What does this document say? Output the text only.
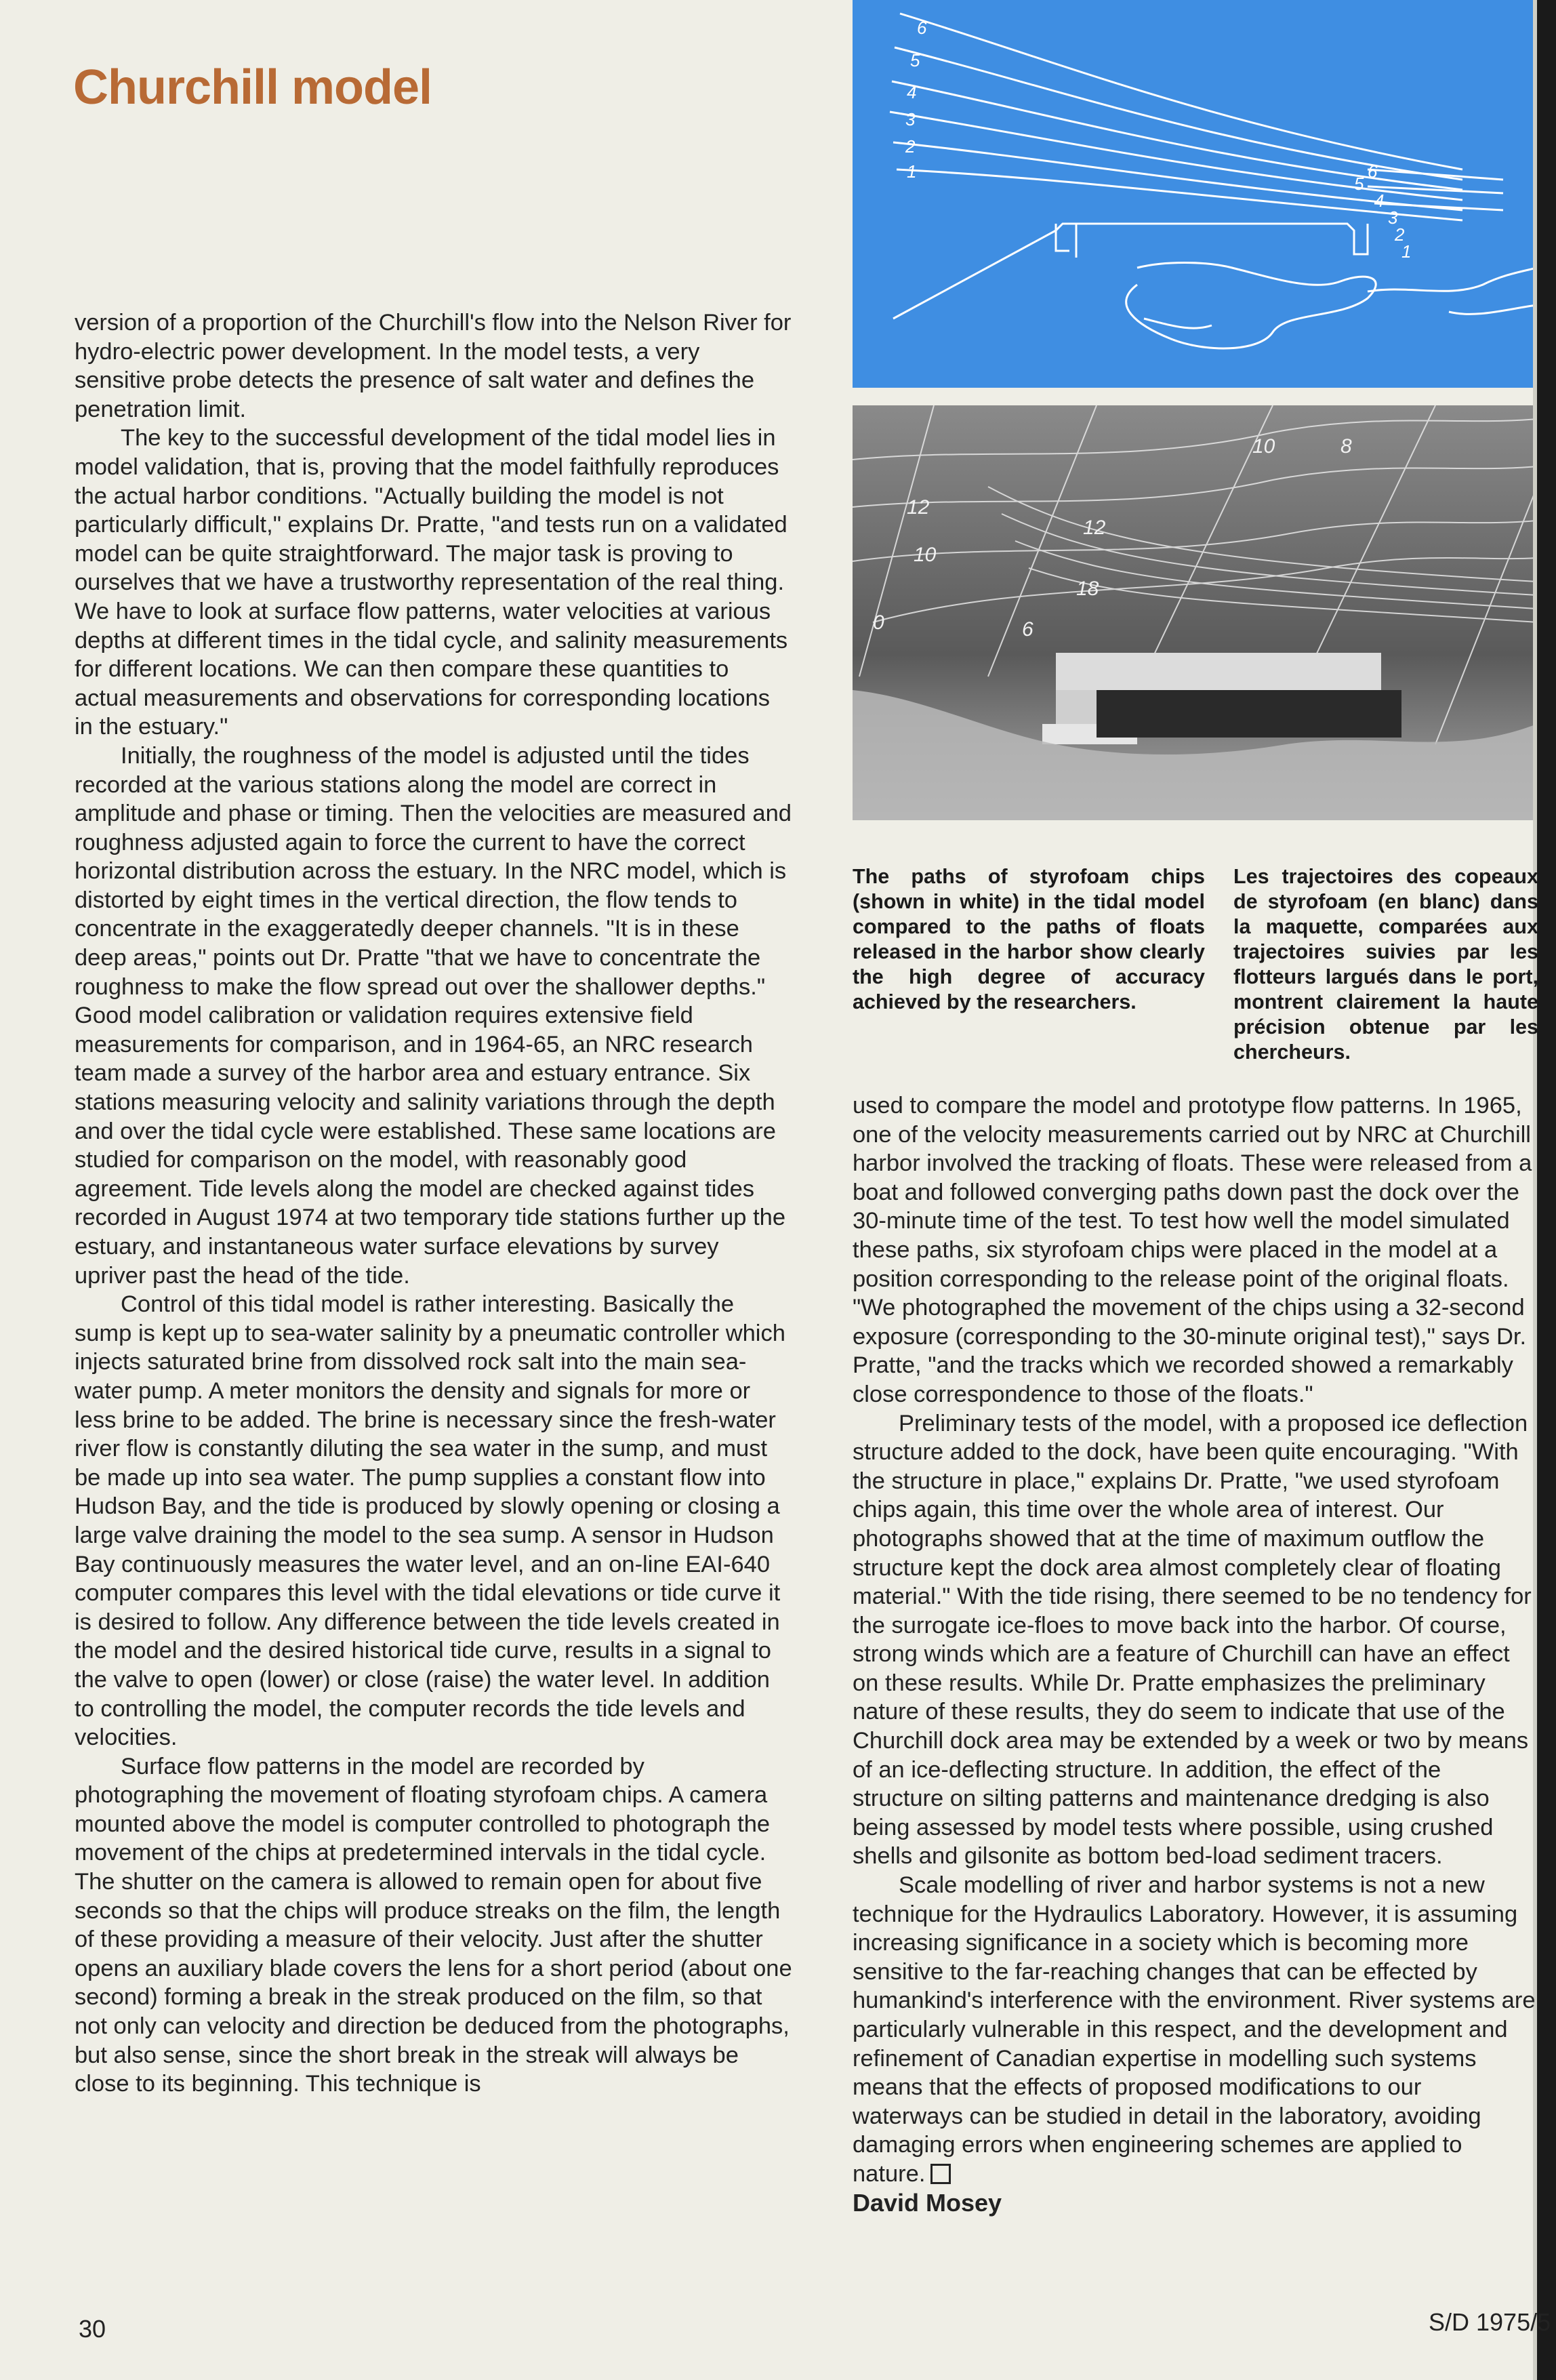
Churchill model

version of a proportion of the Churchill's flow into the Nelson River for hydro-electric power development. In the model tests, a very sensitive probe detects the presence of salt water and defines the penetration limit.

The key to the successful development of the tidal model lies in model validation, that is, proving that the model faithfully reproduces the actual harbor conditions. "Actually building the model is not particularly difficult," explains Dr. Pratte, "and tests run on a validated model can be quite straightforward. The major task is proving to ourselves that we have a trustworthy representation of the real thing. We have to look at surface flow patterns, water velocities at various depths at different times in the tidal cycle, and salinity measurements for different locations. We can then compare these quantities to actual measurements and observations for corresponding locations in the estuary."

Initially, the roughness of the model is adjusted until the tides recorded at the various stations along the model are correct in amplitude and phase or timing. Then the velocities are measured and roughness adjusted again to force the current to have the correct horizontal distribution across the estuary. In the NRC model, which is distorted by eight times in the vertical direction, the flow tends to concentrate in the exaggeratedly deeper channels. "It is in these deep areas," points out Dr. Pratte "that we have to concentrate the roughness to make the flow spread out over the shallower depths." Good model calibration or validation requires extensive field measurements for comparison, and in 1964-65, an NRC research team made a survey of the harbor area and estuary entrance. Six stations measuring velocity and salinity variations through the depth and over the tidal cycle were established. These same locations are studied for comparison on the model, with reasonably good agreement. Tide levels along the model are checked against tides recorded in August 1974 at two temporary tide stations further up the estuary, and instantaneous water surface elevations by survey upriver past the head of the tide.

Control of this tidal model is rather interesting. Basically the sump is kept up to sea-water salinity by a pneumatic controller which injects saturated brine from dissolved rock salt into the main sea-water pump. A meter monitors the density and signals for more or less brine to be added. The brine is necessary since the fresh-water river flow is constantly diluting the sea water in the sump, and must be made up into sea water. The pump supplies a constant flow into Hudson Bay, and the tide is produced by slowly opening or closing a large valve draining the model to the sea sump. A sensor in Hudson Bay continuously measures the water level, and an on-line EAI-640 computer compares this level with the tidal elevations or tide curve it is desired to follow. Any difference between the tide levels created in the model and the desired historical tide curve, results in a signal to the valve to open (lower) or close (raise) the water level. In addition to controlling the model, the computer records the tide levels and velocities.

Surface flow patterns in the model are recorded by photographing the movement of floating styrofoam chips. A camera mounted above the model is computer controlled to photograph the movement of the chips at predetermined intervals in the tidal cycle. The shutter on the camera is allowed to remain open for about five seconds so that the chips will produce streaks on the film, the length of these providing a measure of their velocity. Just after the shutter opens an auxiliary blade covers the lens for a short period (about one second) forming a break in the streak produced on the film, so that not only can velocity and direction be deduced from the photographs, but also sense, since the short break in the streak will always be close to its beginning. This technique is

6
5
4
3
2
1	6
5
4
3
2
1
8
10
12
10
12
18
6
0
The paths of styrofoam chips (shown in white) in the tidal model compared to the paths of floats released in the harbor show clearly the high degree of accuracy achieved by the researchers.
Les trajectoires des copeaux de styrofoam (en blanc) dans la maquette, comparées aux trajectoires suivies par les flotteurs largués dans le port, montrent clairement la haute précision obtenue par les chercheurs.

used to compare the model and prototype flow patterns. In 1965, one of the velocity measurements carried out by NRC at Churchill harbor involved the tracking of floats. These were released from a boat and followed converging paths down past the dock over the 30-minute time of the test. To test how well the model simulated these paths, six styrofoam chips were placed in the model at a position corresponding to the release point of the original floats. "We photographed the movement of the chips using a 32-second exposure (corresponding to the 30-minute original test)," says Dr. Pratte, "and the tracks which we recorded showed a remarkably close correspondence to those of the floats."

Preliminary tests of the model, with a proposed ice deflection structure added to the dock, have been quite encouraging. "With the structure in place," explains Dr. Pratte, "we used styrofoam chips again, this time over the whole area of interest. Our photographs showed that at the time of maximum outflow the structure kept the dock area almost completely clear of floating material." With the tide rising, there seemed to be no tendency for the surrogate ice-floes to move back into the harbor. Of course, strong winds which are a feature of Churchill can have an effect on these results. While Dr. Pratte emphasizes the preliminary nature of these results, they do seem to indicate that use of the Churchill dock area may be extended by a week or two by means of an ice-deflecting structure. In addition, the effect of the structure on silting patterns and maintenance dredging is also being assessed by model tests where possible, using crushed shells and gilsonite as bottom bed-load sediment tracers.

Scale modelling of river and harbor systems is not a new technique for the Hydraulics Laboratory. However, it is assuming increasing significance in a society which is becoming more sensitive to the far-reaching changes that can be effected by humankind's interference with the environment. River systems are particularly vulnerable in this respect, and the development and refinement of Canadian expertise in modelling such systems means that the effects of proposed modifications to our waterways can be studied in detail in the laboratory, avoiding damaging errors when engineering schemes are applied to nature.

David Mosey

30	S/D 1975/5
